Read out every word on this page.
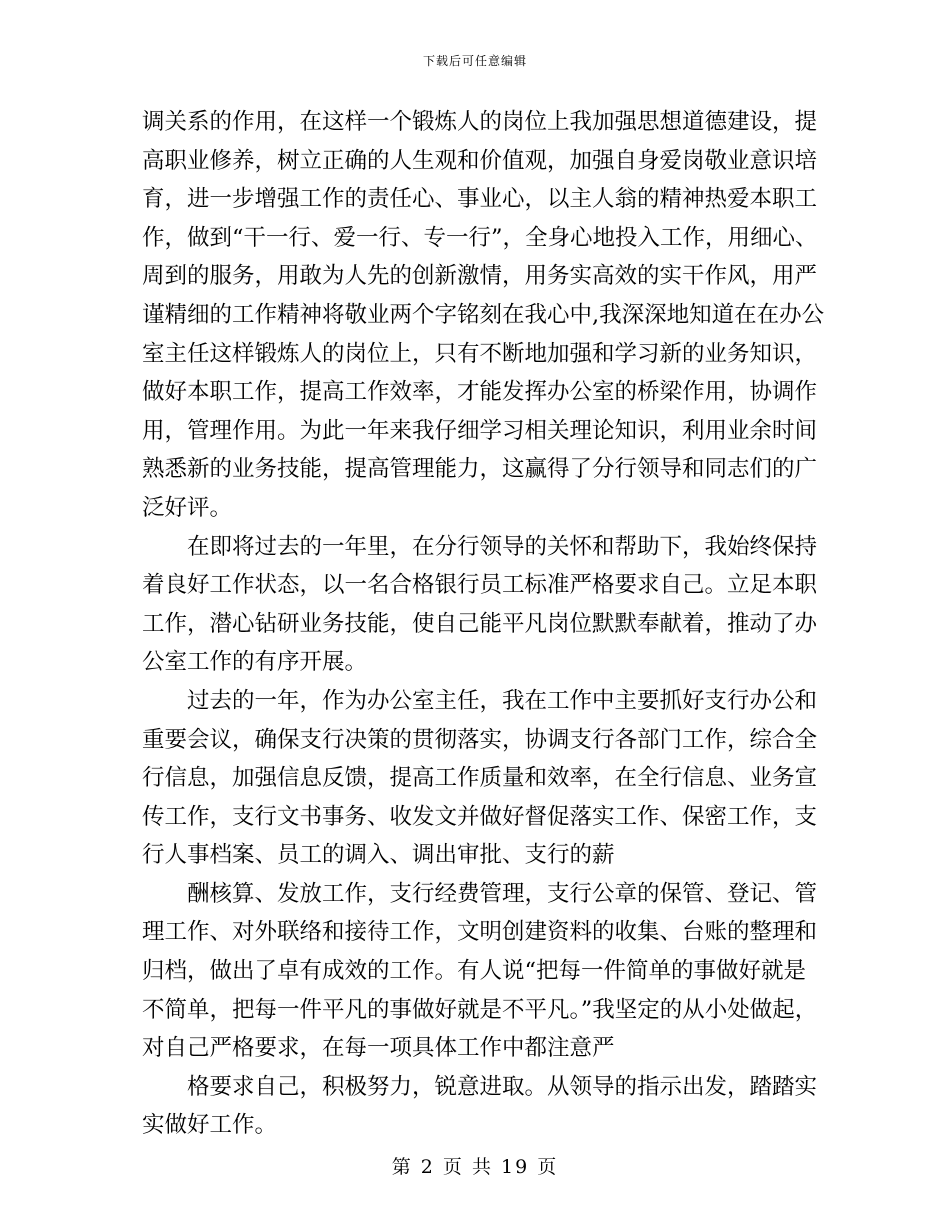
下载后可任意编辑
调关系的作用，在这样一个锻炼人的岗位上我加强思想道德建设，提
高职业修养，树立正确的人生观和价值观，加强自身爱岗敬业意识培
育，进一步增强工作的责任心、事业心，以主人翁的精神热爱本职工
作，做到“干一行、爱一行、专一行”，全身心地投入工作，用细心、
周到的服务，用敢为人先的创新激情，用务实高效的实干作风，用严
谨精细的工作精神将敬业两个字铭刻在我心中,我深深地知道在在办公
室主任这样锻炼人的岗位上，只有不断地加强和学习新的业务知识，
做好本职工作，提高工作效率，才能发挥办公室的桥梁作用，协调作
用，管理作用。为此一年来我仔细学习相关理论知识，利用业余时间
熟悉新的业务技能，提高管理能力，这赢得了分行领导和同志们的广
泛好评。
　　在即将过去的一年里，在分行领导的关怀和帮助下，我始终保持
着良好工作状态，以一名合格银行员工标准严格要求自己。立足本职
工作，潜心钻研业务技能，使自己能平凡岗位默默奉献着，推动了办
公室工作的有序开展。
　　过去的一年，作为办公室主任，我在工作中主要抓好支行办公和
重要会议，确保支行决策的贯彻落实，协调支行各部门工作，综合全
行信息，加强信息反馈，提高工作质量和效率，在全行信息、业务宣
传工作，支行文书事务、收发文并做好督促落实工作、保密工作，支
行人事档案、员工的调入、调出审批、支行的薪
　　酬核算、发放工作，支行经费管理，支行公章的保管、登记、管
理工作、对外联络和接待工作，文明创建资料的收集、台账的整理和
归档，做出了卓有成效的工作。有人说“把每一件简单的事做好就是
不简单，把每一件平凡的事做好就是不平凡。”我坚定的从小处做起，
对自己严格要求，在每一项具体工作中都注意严
　　格要求自己，积极努力，锐意进取。从领导的指示出发，踏踏实
实做好工作。
第 2 页 共 19 页
